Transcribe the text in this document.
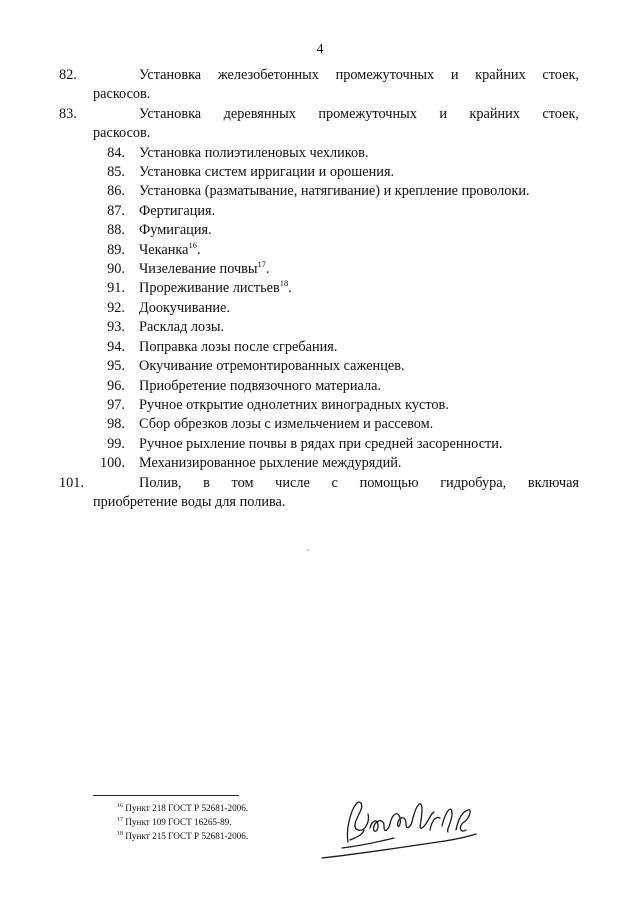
4

82.	Установка железобетонных промежуточных и крайних стоек,
раскосов.

83.	Установка деревянных промежуточных и крайних стоек,
раскосов.

84. Установка полиэтиленовых чехликов.

85. Установка систем ирригации и орошения.

86. Установка (разматывание, натягивание) и крепление проволоки.

87. Фертигация.

88. Фумигация.

89. Чеканка$^{16}$.

90. Чизелевание почвы$^{17}$.

91. Прореживание листьев$^{18}$.

92. Доокучивание.

93. Расклад лозы.

94. Поправка лозы после сгребания.

95. Окучивание отремонтированных саженцев.

96. Приобретение подвязочного материала.

97. Ручное открытие однолетних виноградных кустов.

98. Сбор обрезков лозы с измельчением и рассевом.

99. Ручное рыхление почвы в рядах при средней засоренности.

100. Механизированное рыхление междурядий.

101.	Полив, в том числе с помощью гидробура, включая
приобретение воды для полива.

$^{16}$ Пункт 218 ГОСТ Р 52681-2006.
$^{17}$ Пункт 109 ГОСТ 16265-89.
$^{18}$ Пункт 215 ГОСТ Р 52681-2006.
